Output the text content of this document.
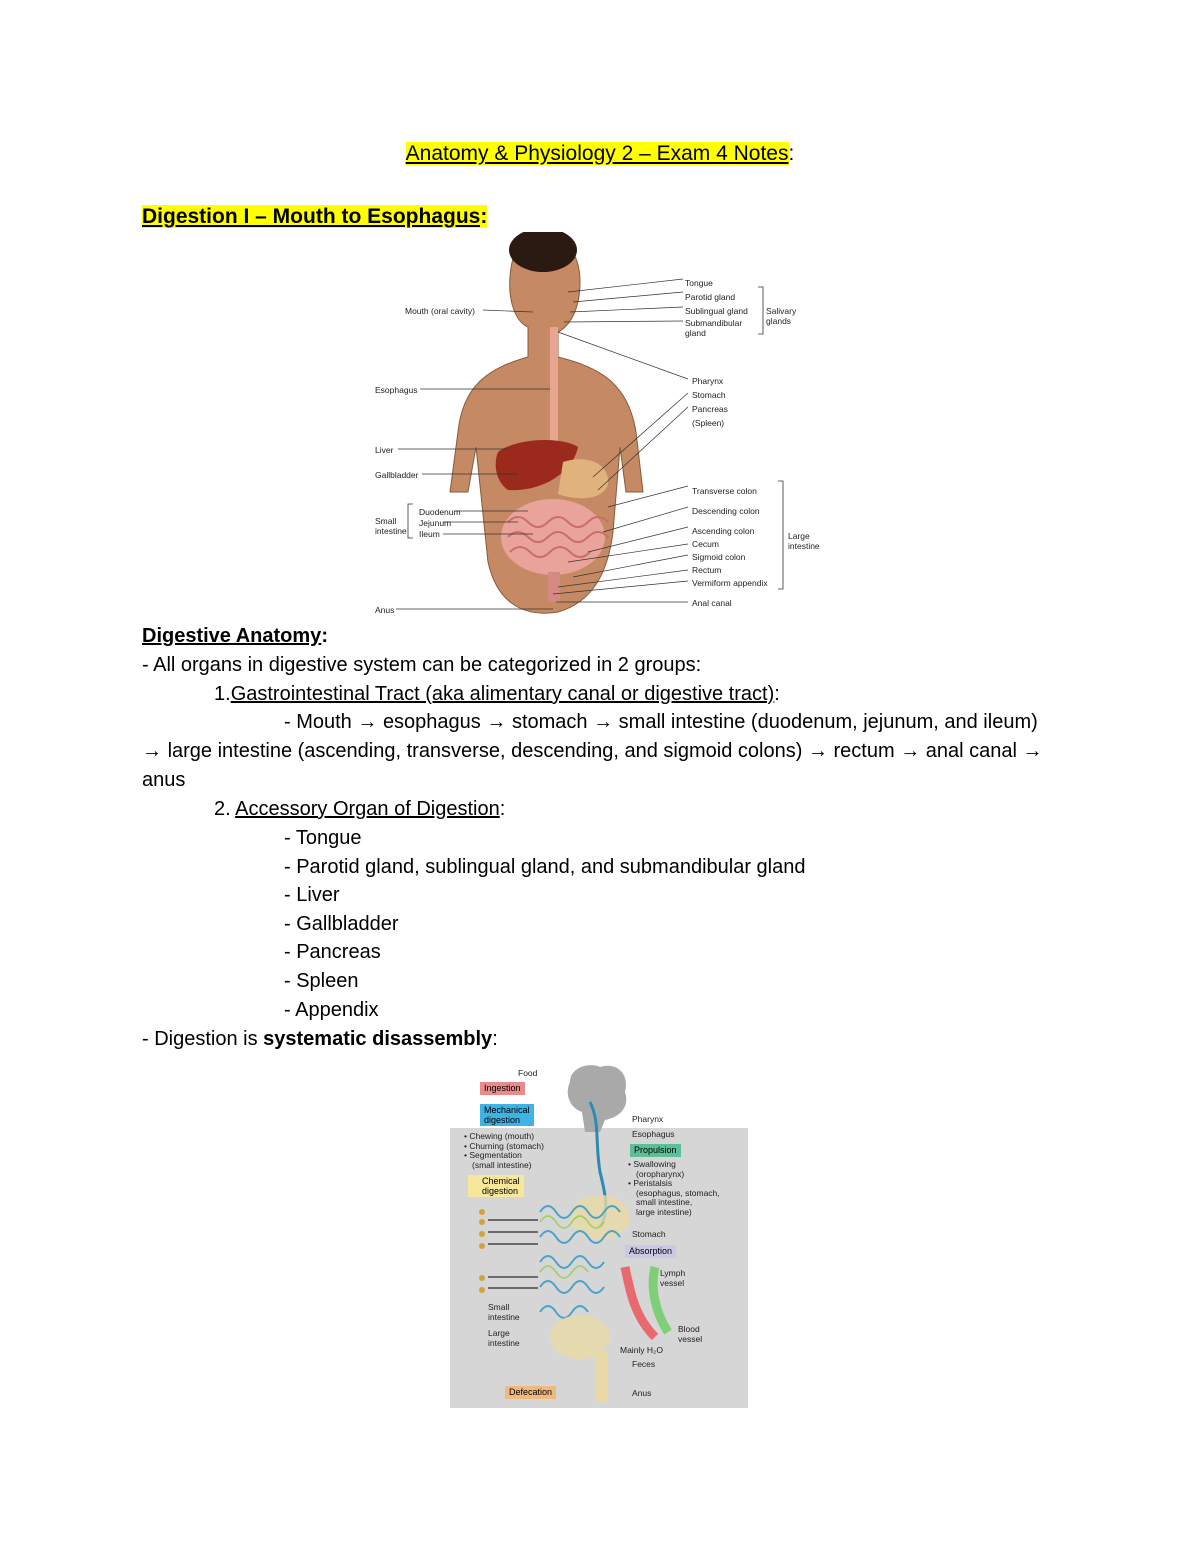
Anatomy & Physiology 2 – Exam 4 Notes:
Digestion I – Mouth to Esophagus:
Tongue
Parotid gland
Sublingual gland
Submandibular
gland
Salivary
glands
Pharynx
Stomach
Pancreas
(Spleen)
Transverse colon
Descending colon
Ascending colon
Cecum
Sigmoid colon
Rectum
Vermiform appendix
Anal canal
Large
intestine
Mouth (oral cavity)
Esophagus
Liver
Gallbladder
Duodenum
Jejunum
Ileum
Small
intestine
Anus
Digestive Anatomy:
- All organs in digestive system can be categorized in 2 groups:
1.Gastrointestinal Tract (aka alimentary canal or digestive tract):
- Mouth → esophagus → stomach → small intestine (duodenum, jejunum, and ileum) → large intestine (ascending, transverse, descending, and sigmoid colons) → rectum → anal canal → anus
2. Accessory Organ of Digestion:
- Tongue
- Parotid gland, sublingual gland, and submandibular gland
- Liver
- Gallbladder
- Pancreas
- Spleen
- Appendix
- Digestion is systematic disassembly:
Ingestion
Mechanical
digestion
• Chewing (mouth)
• Churning (stomach)
• Segmentation
(small intestine)
Chemical
digestion
Propulsion
• Swallowing
(oropharynx)
• Peristalsis
(esophagus, stomach,
small intestine,
large intestine)
Absorption
Food
Pharynx
Esophagus
Stomach
Lymph
vessel
Small
intestine
Large
intestine
Blood
vessel
Mainly H₂O
Feces
Anus
Defecation
